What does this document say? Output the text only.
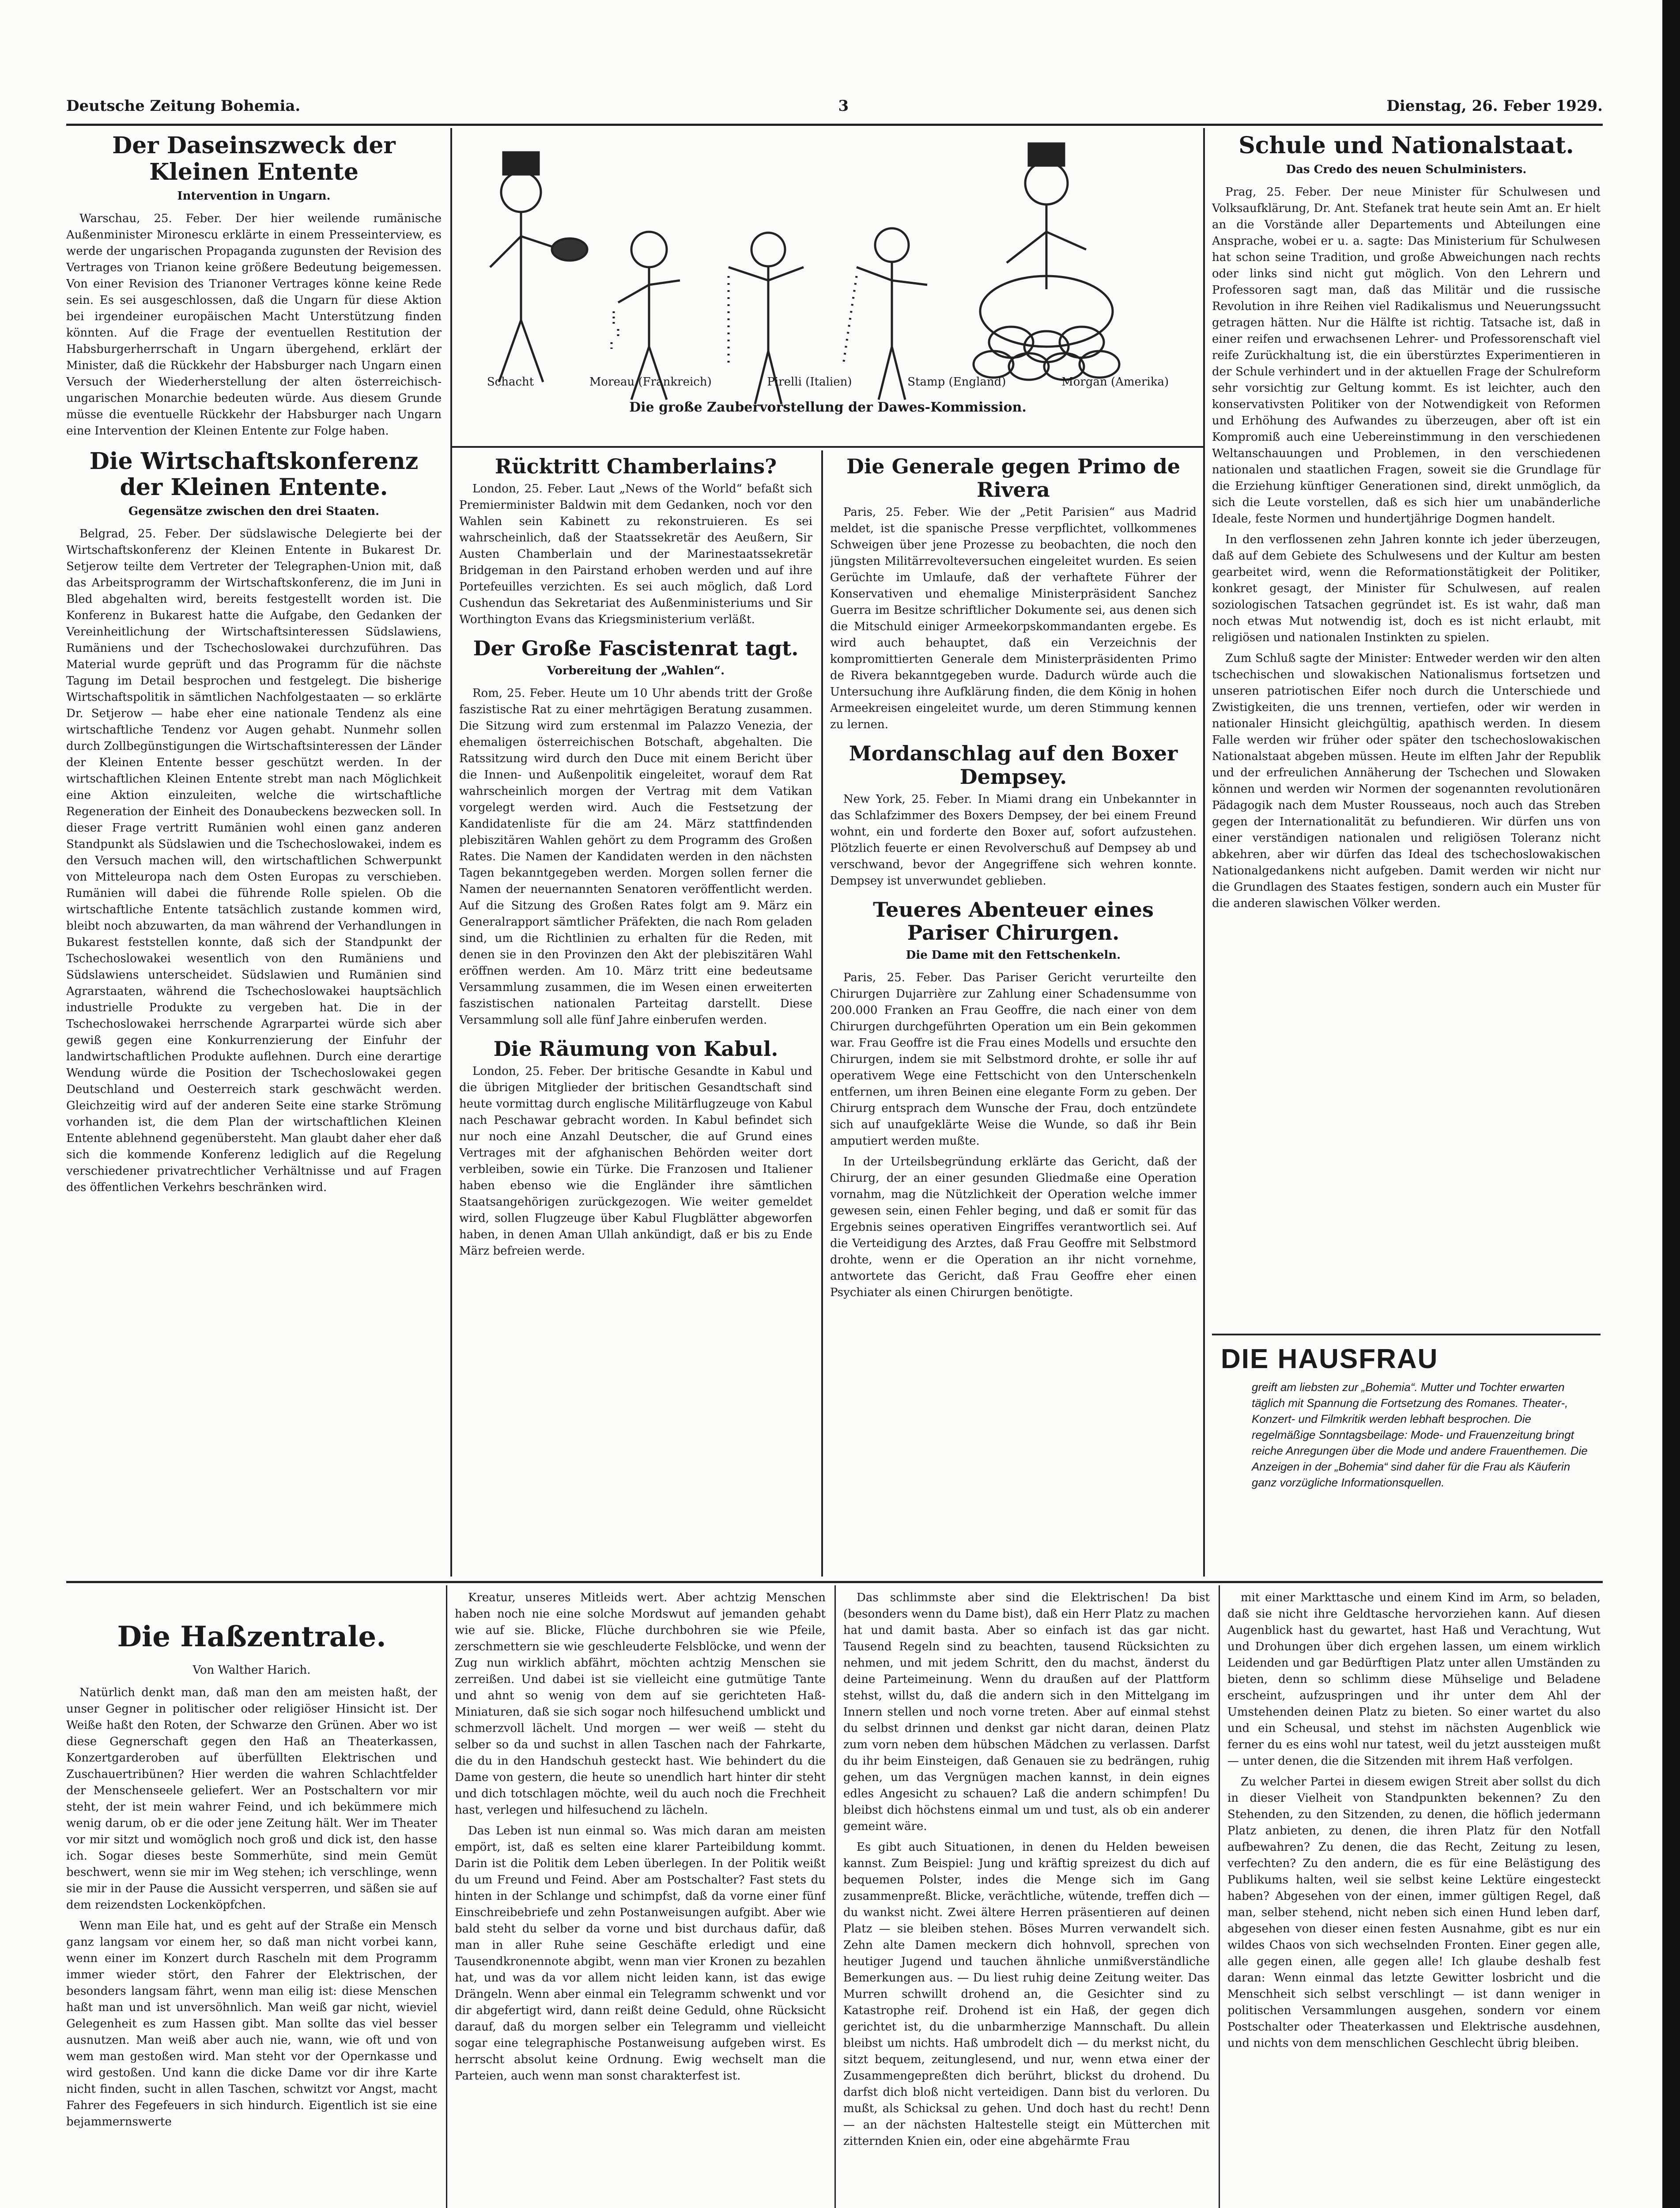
Deutsche Zeitung Bohemia.	3	Dienstag, 26. Feber 1929.
Schacht	Moreau (Frankreich)	Pirelli (Italien)	Stamp (England)	Morgan (Amerika)
Die große Zaubervorstellung der Dawes-Kommission.
Der Daseinszweck der Kleinen Entente
Intervention in Ungarn.

Warschau, 25. Feber. Der hier weilende rumänische Außenminister Mironescu erklärte in einem Presseinterview, es werde der ungarischen Propaganda zugunsten der Revision des Vertrages von Trianon keine größere Bedeutung beigemessen. Von einer Revision des Trianoner Vertrages könne keine Rede sein. Es sei ausgeschlossen, daß die Ungarn für diese Aktion bei irgendeiner europäischen Macht Unterstützung finden könnten. Auf die Frage der eventuellen Restitution der Habsburgerherrschaft in Ungarn übergehend, erklärt der Minister, daß die Rückkehr der Habsburger nach Ungarn einen Versuch der Wiederherstellung der alten österreichisch-ungarischen Monarchie bedeuten würde. Aus diesem Grunde müsse die eventuelle Rückkehr der Habsburger nach Ungarn eine Intervention der Kleinen Entente zur Folge haben.

Die Wirtschaftskonferenz der Kleinen Entente.
Gegensätze zwischen den drei Staaten.

Belgrad, 25. Feber. Der südslawische Delegierte bei der Wirtschaftskonferenz der Kleinen Entente in Bukarest Dr. Setjerow teilte dem Vertreter der Telegraphen-Union mit, daß das Arbeitsprogramm der Wirtschaftskonferenz, die im Juni in Bled abgehalten wird, bereits festgestellt worden ist. Die Konferenz in Bukarest hatte die Aufgabe, den Gedanken der Vereinheitlichung der Wirtschaftsinteressen Südslawiens, Rumäniens und der Tschechoslowakei durchzuführen. Das Material wurde geprüft und das Programm für die nächste Tagung im Detail besprochen und festgelegt. Die bisherige Wirtschaftspolitik in sämtlichen Nachfolgestaaten — so erklärte Dr. Setjerow — habe eher eine nationale Tendenz als eine wirtschaftliche Tendenz vor Augen gehabt. Nunmehr sollen durch Zollbegünstigungen die Wirtschaftsinteressen der Länder der Kleinen Entente besser geschützt werden. In der wirtschaftlichen Kleinen Entente strebt man nach Möglichkeit eine Aktion einzuleiten, welche die wirtschaftliche Regeneration der Einheit des Donaubeckens bezwecken soll. In dieser Frage vertritt Rumänien wohl einen ganz anderen Standpunkt als Südslawien und die Tschechoslowakei, indem es den Versuch machen will, den wirtschaftlichen Schwerpunkt von Mitteleuropa nach dem Osten Europas zu verschieben. Rumänien will dabei die führende Rolle spielen. Ob die wirtschaftliche Entente tatsächlich zustande kommen wird, bleibt noch abzuwarten, da man während der Verhandlungen in Bukarest feststellen konnte, daß sich der Standpunkt der Tschechoslowakei wesentlich von den Rumäniens und Südslawiens unterscheidet. Südslawien und Rumänien sind Agrarstaaten, während die Tschechoslowakei hauptsächlich industrielle Produkte zu vergeben hat. Die in der Tschechoslowakei herrschende Agrarpartei würde sich aber gewiß gegen eine Konkurrenzierung der Einfuhr der landwirtschaftlichen Produkte auflehnen. Durch eine derartige Wendung würde die Position der Tschechoslowakei gegen Deutschland und Oesterreich stark geschwächt werden. Gleichzeitig wird auf der anderen Seite eine starke Strömung vorhanden ist, die dem Plan der wirtschaftlichen Kleinen Entente ablehnend gegenübersteht. Man glaubt daher eher daß sich die kommende Konferenz lediglich auf die Regelung verschiedener privatrechtlicher Verhältnisse und auf Fragen des öffentlichen Verkehrs beschränken wird.

Rücktritt Chamberlains?

London, 25. Feber. Laut „News of the World“ befaßt sich Premierminister Baldwin mit dem Gedanken, noch vor den Wahlen sein Kabinett zu rekonstruieren. Es sei wahrscheinlich, daß der Staatssekretär des Aeußern, Sir Austen Chamberlain und der Marinestaatssekretär Bridgeman in den Pairstand erhoben werden und auf ihre Portefeuilles verzichten. Es sei auch möglich, daß Lord Cushendun das Sekretariat des Außenministeriums und Sir Worthington Evans das Kriegsministerium verläßt.

Der Große Fascistenrat tagt.
Vorbereitung der „Wahlen“.

Rom, 25. Feber. Heute um 10 Uhr abends tritt der Große faszistische Rat zu einer mehrtägigen Beratung zusammen. Die Sitzung wird zum erstenmal im Palazzo Venezia, der ehemaligen österreichischen Botschaft, abgehalten. Die Ratssitzung wird durch den Duce mit einem Bericht über die Innen- und Außenpolitik eingeleitet, worauf dem Rat wahrscheinlich morgen der Vertrag mit dem Vatikan vorgelegt werden wird. Auch die Festsetzung der Kandidatenliste für die am 24. März stattfindenden plebiszitären Wahlen gehört zu dem Programm des Großen Rates. Die Namen der Kandidaten werden in den nächsten Tagen bekanntgegeben werden. Morgen sollen ferner die Namen der neuernannten Senatoren veröffentlicht werden. Auf die Sitzung des Großen Rates folgt am 9. März ein Generalrapport sämtlicher Präfekten, die nach Rom geladen sind, um die Richtlinien zu erhalten für die Reden, mit denen sie in den Provinzen den Akt der plebiszitären Wahl eröffnen werden. Am 10. März tritt eine bedeutsame Versammlung zusammen, die im Wesen einen erweiterten faszistischen nationalen Parteitag darstellt. Diese Versammlung soll alle fünf Jahre einberufen werden.

Die Räumung von Kabul.

London, 25. Feber. Der britische Gesandte in Kabul und die übrigen Mitglieder der britischen Gesandtschaft sind heute vormittag durch englische Militärflugzeuge von Kabul nach Peschawar gebracht worden. In Kabul befindet sich nur noch eine Anzahl Deutscher, die auf Grund eines Vertrages mit der afghanischen Behörden weiter dort verbleiben, sowie ein Türke. Die Franzosen und Italiener haben ebenso wie die Engländer ihre sämtlichen Staatsangehörigen zurückgezogen. Wie weiter gemeldet wird, sollen Flugzeuge über Kabul Flugblätter abgeworfen haben, in denen Aman Ullah ankündigt, daß er bis zu Ende März befreien werde.

Die Generale gegen Primo de Rivera

Paris, 25. Feber. Wie der „Petit Parisien“ aus Madrid meldet, ist die spanische Presse verpflichtet, vollkommenes Schweigen über jene Prozesse zu beobachten, die noch den jüngsten Militärrevolteversuchen eingeleitet wurden. Es seien Gerüchte im Umlaufe, daß der verhaftete Führer der Konservativen und ehemalige Ministerpräsident Sanchez Guerra im Besitze schriftlicher Dokumente sei, aus denen sich die Mitschuld einiger Armeekorpskommandanten ergebe. Es wird auch behauptet, daß ein Verzeichnis der kompromittierten Generale dem Ministerpräsidenten Primo de Rivera bekanntgegeben wurde. Dadurch würde auch die Untersuchung ihre Aufklärung finden, die dem König in hohen Armeekreisen eingeleitet wurde, um deren Stimmung kennen zu lernen.

Mordanschlag auf den Boxer Dempsey.

New York, 25. Feber. In Miami drang ein Unbekannter in das Schlafzimmer des Boxers Dempsey, der bei einem Freund wohnt, ein und forderte den Boxer auf, sofort aufzustehen. Plötzlich feuerte er einen Revolverschuß auf Dempsey ab und verschwand, bevor der Angegriffene sich wehren konnte. Dempsey ist unverwundet geblieben.

Teueres Abenteuer eines Pariser Chirurgen.
Die Dame mit den Fettschenkeln.

Paris, 25. Feber. Das Pariser Gericht verurteilte den Chirurgen Dujarrière zur Zahlung einer Schadensumme von 200.000 Franken an Frau Geoffre, die nach einer von dem Chirurgen durchgeführten Operation um ein Bein gekommen war. Frau Geoffre ist die Frau eines Modells und ersuchte den Chirurgen, indem sie mit Selbstmord drohte, er solle ihr auf operativem Wege eine Fettschicht von den Unterschenkeln entfernen, um ihren Beinen eine elegante Form zu geben. Der Chirurg entsprach dem Wunsche der Frau, doch entzündete sich auf unaufgeklärte Weise die Wunde, so daß ihr Bein amputiert werden mußte.

In der Urteilsbegründung erklärte das Gericht, daß der Chirurg, der an einer gesunden Gliedmaße eine Operation vornahm, mag die Nützlichkeit der Operation welche immer gewesen sein, einen Fehler beging, und daß er somit für das Ergebnis seines operativen Eingriffes verantwortlich sei. Auf die Verteidigung des Arztes, daß Frau Geoffre mit Selbstmord drohte, wenn er die Operation an ihr nicht vornehme, antwortete das Gericht, daß Frau Geoffre eher einen Psychiater als einen Chirurgen benötigte.

Schule und Nationalstaat.
Das Credo des neuen Schulministers.

Prag, 25. Feber. Der neue Minister für Schulwesen und Volksaufklärung, Dr. Ant. Stefanek trat heute sein Amt an. Er hielt an die Vorstände aller Departements und Abteilungen eine Ansprache, wobei er u. a. sagte: Das Ministerium für Schulwesen hat schon seine Tradition, und große Abweichungen nach rechts oder links sind nicht gut möglich. Von den Lehrern und Professoren sagt man, daß das Militär und die russische Revolution in ihre Reihen viel Radikalismus und Neuerungssucht getragen hätten. Nur die Hälfte ist richtig. Tatsache ist, daß in einer reifen und erwachsenen Lehrer- und Professorenschaft viel reife Zurückhaltung ist, die ein überstürztes Experimentieren in der Schule verhindert und in der aktuellen Frage der Schulreform sehr vorsichtig zur Geltung kommt. Es ist leichter, auch den konservativsten Politiker von der Notwendigkeit von Reformen und Erhöhung des Aufwandes zu überzeugen, aber oft ist ein Kompromiß auch eine Uebereinstimmung in den verschiedenen Weltanschauungen und Problemen, in den verschiedenen nationalen und staatlichen Fragen, soweit sie die Grundlage für die Erziehung künftiger Generationen sind, direkt unmöglich, da sich die Leute vorstellen, daß es sich hier um unabänderliche Ideale, feste Normen und hundertjährige Dogmen handelt.

In den verflossenen zehn Jahren konnte ich jeder überzeugen, daß auf dem Gebiete des Schulwesens und der Kultur am besten gearbeitet wird, wenn die Reformationstätigkeit der Politiker, konkret gesagt, der Minister für Schulwesen, auf realen soziologischen Tatsachen gegründet ist. Es ist wahr, daß man noch etwas Mut notwendig ist, doch es ist nicht erlaubt, mit religiösen und nationalen Instinkten zu spielen.

Zum Schluß sagte der Minister: Entweder werden wir den alten tschechischen und slowakischen Nationalismus fortsetzen und unseren patriotischen Eifer noch durch die Unterschiede und Zwistigkeiten, die uns trennen, vertiefen, oder wir werden in nationaler Hinsicht gleichgültig, apathisch werden. In diesem Falle werden wir früher oder später den tschechoslowakischen Nationalstaat abgeben müssen. Heute im elften Jahr der Republik und der erfreulichen Annäherung der Tschechen und Slowaken können und werden wir Normen der sogenannten revolutionären Pädagogik nach dem Muster Rousseaus, noch auch das Streben gegen der Internationalität zu befundieren. Wir dürfen uns von einer verständigen nationalen und religiösen Toleranz nicht abkehren, aber wir dürfen das Ideal des tschechoslowakischen Nationalgedankens nicht aufgeben. Damit werden wir nicht nur die Grundlagen des Staates festigen, sondern auch ein Muster für die anderen slawischen Völker werden.

DIE HAUSFRAU
greift am liebsten zur „Bohemia“. Mutter und Tochter erwarten täglich mit Spannung die Fortsetzung des Romanes. Theater-, Konzert- und Filmkritik werden lebhaft besprochen. Die regelmäßige Sonntagsbeilage: Mode- und Frauenzeitung bringt reiche Anregungen über die Mode und andere Frauenthemen. Die Anzeigen in der „Bohemia“ sind daher für die Frau als Käuferin ganz vorzügliche Informationsquellen.
Die Haßzentrale.
Von Walther Harich.

Natürlich denkt man, daß man den am meisten haßt, der unser Gegner in politischer oder religiöser Hinsicht ist. Der Weiße haßt den Roten, der Schwarze den Grünen. Aber wo ist diese Gegnerschaft gegen den Haß an Theaterkassen, Konzertgarderoben auf überfüllten Elektrischen und Zuschauertribünen? Hier werden die wahren Schlachtfelder der Menschenseele geliefert. Wer an Postschaltern vor mir steht, der ist mein wahrer Feind, und ich bekümmere mich wenig darum, ob er die oder jene Zeitung hält. Wer im Theater vor mir sitzt und womöglich noch groß und dick ist, den hasse ich. Sogar dieses beste Sommerhüte, sind mein Gemüt beschwert, wenn sie mir im Weg stehen; ich verschlinge, wenn sie mir in der Pause die Aussicht versperren, und säßen sie auf dem reizendsten Lockenköpfchen.

Wenn man Eile hat, und es geht auf der Straße ein Mensch ganz langsam vor einem her, so daß man nicht vorbei kann, wenn einer im Konzert durch Rascheln mit dem Programm immer wieder stört, den Fahrer der Elektrischen, der besonders langsam fährt, wenn man eilig ist: diese Menschen haßt man und ist unversöhnlich. Man weiß gar nicht, wieviel Gelegenheit es zum Hassen gibt. Man sollte das viel besser ausnutzen. Man weiß aber auch nie, wann, wie oft und von wem man gestoßen wird. Man steht vor der Opernkasse und wird gestoßen. Und kann die dicke Dame vor dir ihre Karte nicht finden, sucht in allen Taschen, schwitzt vor Angst, macht Fahrer des Fegefeuers in sich hindurch. Eigentlich ist sie eine bejammernswerte

Kreatur, unseres Mitleids wert. Aber achtzig Menschen haben noch nie eine solche Mordswut auf jemanden gehabt wie auf sie. Blicke, Flüche durchbohren sie wie Pfeile, zerschmettern sie wie geschleuderte Felsblöcke, und wenn der Zug nun wirklich abfährt, möchten achtzig Menschen sie zerreißen. Und dabei ist sie vielleicht eine gutmütige Tante und ahnt so wenig von dem auf sie gerichteten Haß-Miniaturen, daß sie sich sogar noch hilfesuchend umblickt und schmerzvoll lächelt. Und morgen — wer weiß — steht du selber so da und suchst in allen Taschen nach der Fahrkarte, die du in den Handschuh gesteckt hast. Wie behindert du die Dame von gestern, die heute so unendlich hart hinter dir steht und dich totschlagen möchte, weil du auch noch die Frechheit hast, verlegen und hilfesuchend zu lächeln.

Das Leben ist nun einmal so. Was mich daran am meisten empört, ist, daß es selten eine klarer Parteibildung kommt. Darin ist die Politik dem Leben überlegen. In der Politik weißt du um Freund und Feind. Aber am Postschalter? Fast stets du hinten in der Schlange und schimpfst, daß da vorne einer fünf Einschreibebriefe und zehn Postanweisungen aufgibt. Aber wie bald steht du selber da vorne und bist durchaus dafür, daß man in aller Ruhe seine Geschäfte erledigt und eine Tausendkronennote abgibt, wenn man vier Kronen zu bezahlen hat, und was da vor allem nicht leiden kann, ist das ewige Drängeln. Wenn aber einmal ein Telegramm schwenkt und vor dir abgefertigt wird, dann reißt deine Geduld, ohne Rücksicht darauf, daß du morgen selber ein Telegramm und vielleicht sogar eine telegraphische Postanweisung aufgeben wirst. Es herrscht absolut keine Ordnung. Ewig wechselt man die Parteien, auch wenn man sonst charakterfest ist.

Das schlimmste aber sind die Elektrischen! Da bist (besonders wenn du Dame bist), daß ein Herr Platz zu machen hat und damit basta. Aber so einfach ist das gar nicht. Tausend Regeln sind zu beachten, tausend Rücksichten zu nehmen, und mit jedem Schritt, den du machst, änderst du deine Parteimeinung. Wenn du draußen auf der Plattform stehst, willst du, daß die andern sich in den Mittelgang im Innern stellen und noch vorne treten. Aber auf einmal stehst du selbst drinnen und denkst gar nicht daran, deinen Platz zum vorn neben dem hübschen Mädchen zu verlassen. Darfst du ihr beim Einsteigen, daß Genauen sie zu bedrängen, ruhig gehen, um das Vergnügen machen kannst, in dein eignes edles Angesicht zu schauen? Laß die andern schimpfen! Du bleibst dich höchstens einmal um und tust, als ob ein anderer gemeint wäre.

Es gibt auch Situationen, in denen du Helden beweisen kannst. Zum Beispiel: Jung und kräftig spreizest du dich auf bequemen Polster, indes die Menge sich im Gang zusammenpreßt. Blicke, verächtliche, wütende, treffen dich — du wankst nicht. Zwei ältere Herren präsentieren auf deinen Platz — sie bleiben stehen. Böses Murren verwandelt sich. Zehn alte Damen meckern dich hohnvoll, sprechen von heutiger Jugend und tauchen ähnliche unmißverständliche Bemerkungen aus. — Du liest ruhig deine Zeitung weiter. Das Murren schwillt drohend an, die Gesichter sind zu Katastrophe reif. Drohend ist ein Haß, der gegen dich gerichtet ist, du die unbarmherzige Mannschaft. Du allein bleibst um nichts. Haß umbrodelt dich — du merkst nicht, du sitzt bequem, zeitunglesend, und nur, wenn etwa einer der Zusammengepreßten dich berührt, blickst du drohend. Du darfst dich bloß nicht verteidigen. Dann bist du verloren. Du mußt, als Schicksal zu gehen. Und doch hast du recht! Denn — an der nächsten Haltestelle steigt ein Mütterchen mit zitternden Knien ein, oder eine abgehärmte Frau

mit einer Markttasche und einem Kind im Arm, so beladen, daß sie nicht ihre Geldtasche hervorziehen kann. Auf diesen Augenblick hast du gewartet, hast Haß und Verachtung, Wut und Drohungen über dich ergehen lassen, um einem wirklich Leidenden und gar Bedürftigen Platz unter allen Umständen zu bieten, denn so schlimm diese Mühselige und Beladene erscheint, aufzuspringen und ihr unter dem Ahl der Umstehenden deinen Platz zu bieten. So einer wartet du also und ein Scheusal, und stehst im nächsten Augenblick wie ferner du es eins wohl nur tatest, weil du jetzt aussteigen mußt — unter denen, die die Sitzenden mit ihrem Haß verfolgen.

Zu welcher Partei in diesem ewigen Streit aber sollst du dich in dieser Vielheit von Standpunkten bekennen? Zu den Stehenden, zu den Sitzenden, zu denen, die höflich jedermann Platz anbieten, zu denen, die ihren Platz für den Notfall aufbewahren? Zu denen, die das Recht, Zeitung zu lesen, verfechten? Zu den andern, die es für eine Belästigung des Publikums halten, weil sie selbst keine Lektüre eingesteckt haben? Abgesehen von der einen, immer gültigen Regel, daß man, selber stehend, nicht neben sich einen Hund leben darf, abgesehen von dieser einen festen Ausnahme, gibt es nur ein wildes Chaos von sich wechselnden Fronten. Einer gegen alle, alle gegen einen, alle gegen alle! Ich glaube deshalb fest daran: Wenn einmal das letzte Gewitter losbricht und die Menschheit sich selbst verschlingt — ist dann weniger in politischen Versammlungen ausgehen, sondern vor einem Postschalter oder Theaterkassen und Elektrische ausdehnen, und nichts von dem menschlichen Geschlecht übrig bleiben.
